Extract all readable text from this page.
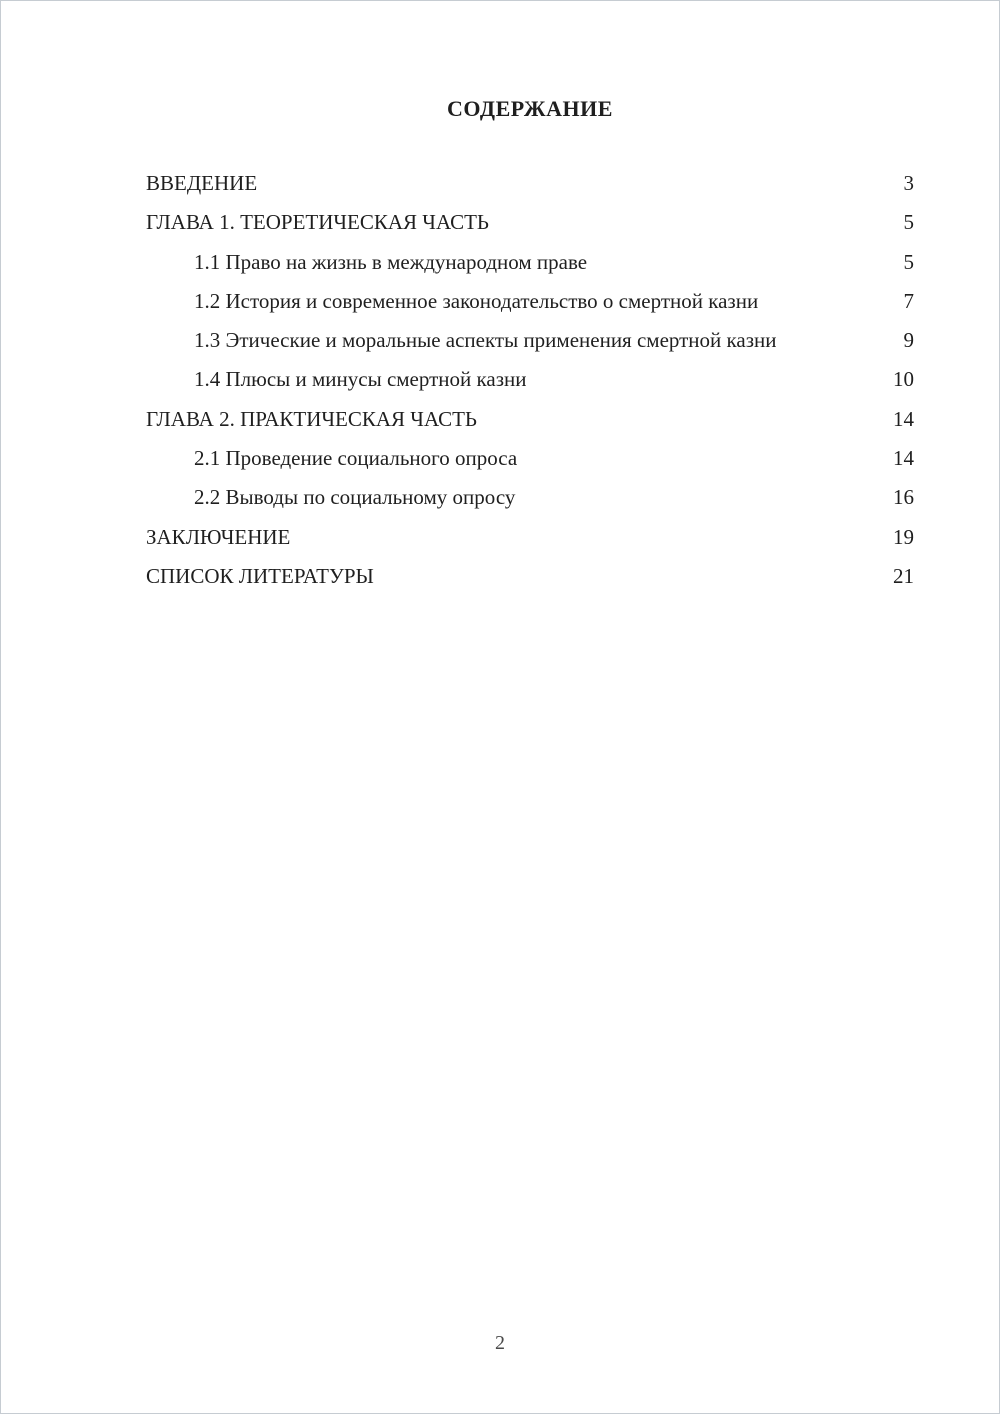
СОДЕРЖАНИЕ
ВВЕДЕНИЕ	3
ГЛАВА 1. ТЕОРЕТИЧЕСКАЯ ЧАСТЬ	5
1.1 Право на жизнь в международном праве	5
1.2 История и современное законодательство о смертной казни	7
1.3 Этические и моральные аспекты применения смертной казни	9
1.4 Плюсы и минусы смертной казни	10
ГЛАВА 2. ПРАКТИЧЕСКАЯ ЧАСТЬ	14
2.1 Проведение социального опроса	14
2.2 Выводы по социальному опросу	16
ЗАКЛЮЧЕНИЕ	19
СПИСОК ЛИТЕРАТУРЫ	21
2
